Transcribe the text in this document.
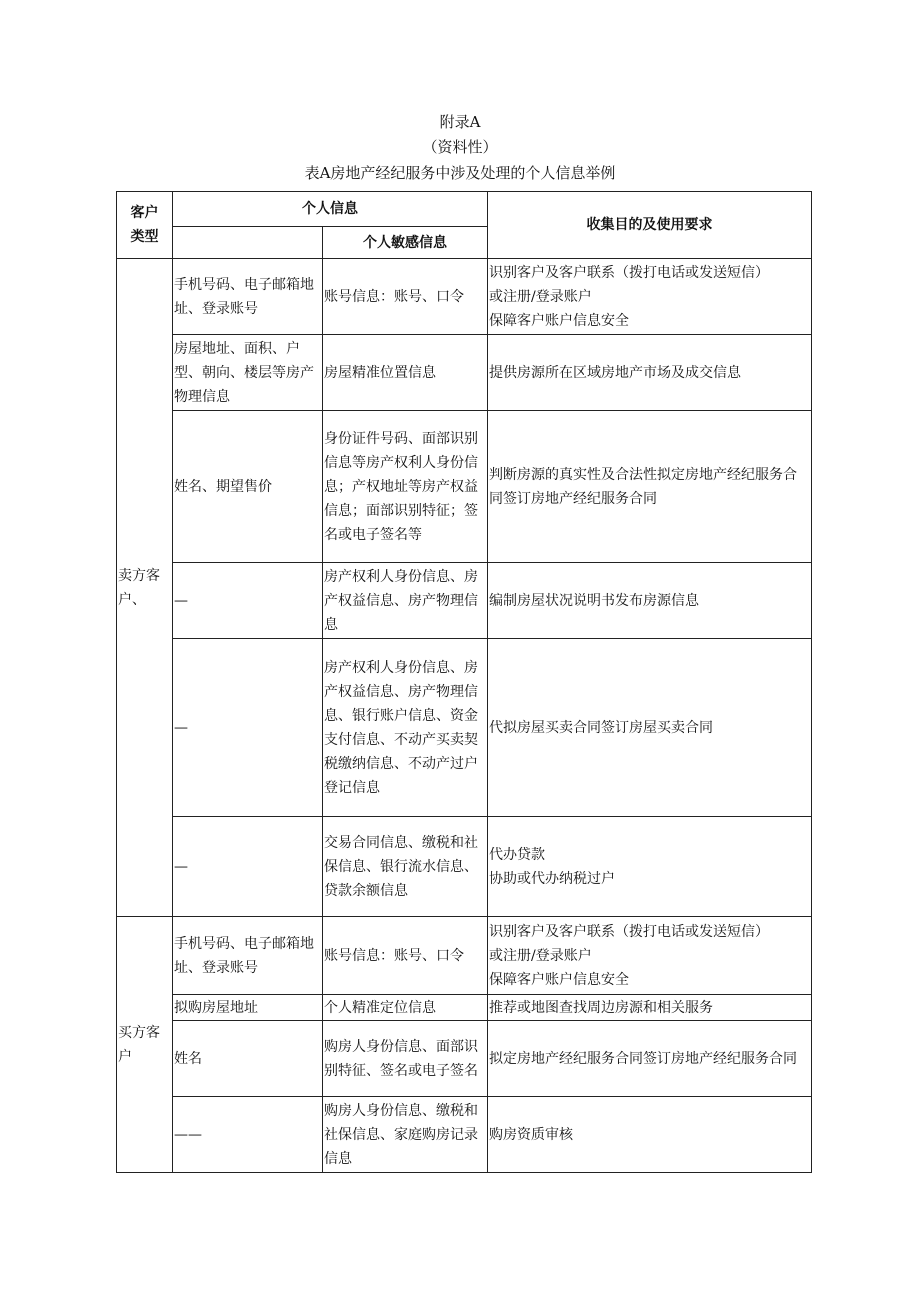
附录A
（资料性）
表A房地产经纪服务中涉及处理的个人信息举例
客户
类型	个人信息		收集目的及使用要求
		个人敏感信息	
卖方客户、	手机号码、电子邮箱地址、登录账号	账号信息：账号、口令	识别客户及客户联系（拨打电话或发送短信）
或注册/登录账户
保障客户账户信息安全

	房屋地址、面积、户型、朝向、楼层等房产物理信息	房屋精准位置信息	提供房源所在区域房地产市场及成交信息

	姓名、期望售价	身份证件号码、面部识别信息等房产权利人身份信息；产权地址等房产权益信息；面部识别特征；签名或电子签名等	判断房源的真实性及合法性拟定房地产经纪服务合同签订房地产经纪服务合同

	—	房产权利人身份信息、房产权益信息、房产物理信息	编制房屋状况说明书发布房源信息

	—	房产权利人身份信息、房产权益信息、房产物理信息、银行账户信息、资金支付信息、不动产买卖契税缴纳信息、不动产过户登记信息	代拟房屋买卖合同签订房屋买卖合同

	—	交易合同信息、缴税和社保信息、银行流水信息、贷款余额信息	代办贷款
协助或代办纳税过户

买方客户	手机号码、电子邮箱地址、登录账号	账号信息：账号、口令	识别客户及客户联系（拨打电话或发送短信）
或注册/登录账户
保障客户账户信息安全

	拟购房屋地址	个人精准定位信息	推荐或地图查找周边房源和相关服务

	姓名	购房人身份信息、面部识别特征、签名或电子签名	拟定房地产经纪服务合同签订房地产经纪服务合同

	——	购房人身份信息、缴税和社保信息、家庭购房记录信息	购房资质审核
